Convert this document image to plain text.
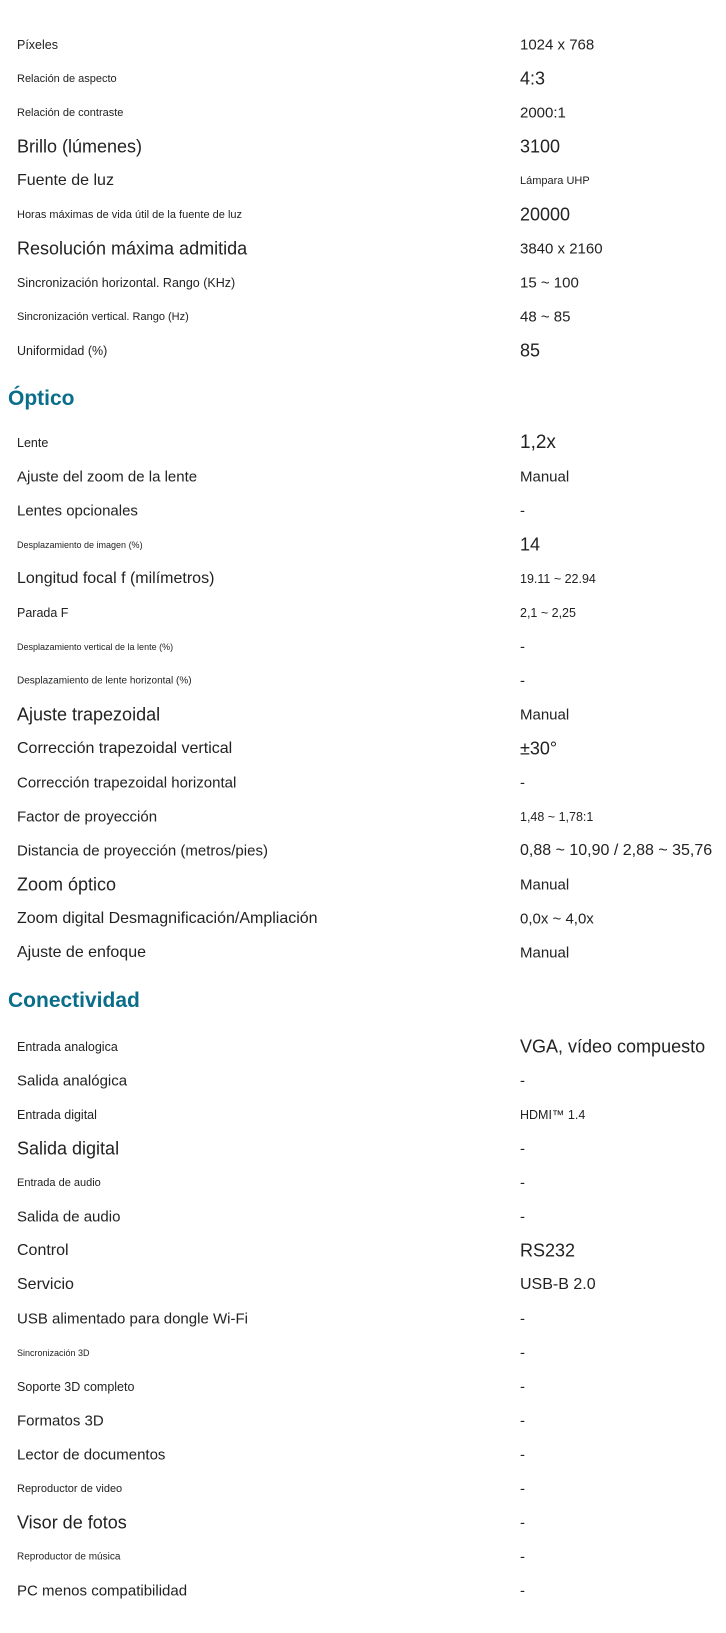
Píxeles	1024 x 768
Relación de aspecto	4:3
Relación de contraste	2000:1
Brillo (lúmenes)	3100
Fuente de luz	Lámpara UHP
Horas máximas de vida útil de la fuente de luz	20000
Resolución máxima admitida	3840 x 2160
Sincronización horizontal. Rango (KHz)	15 ~ 100
Sincronización vertical. Rango (Hz)	48 ~ 85
Uniformidad (%)	85
Óptico
Lente	1,2x
Ajuste del zoom de la lente	Manual
Lentes opcionales	-
Desplazamiento de imagen (%)	14
Longitud focal f (milímetros)	19.11 ~ 22.94
Parada F	2,1 ~ 2,25
Desplazamiento vertical de la lente (%)	-
Desplazamiento de lente horizontal (%)	-
Ajuste trapezoidal	Manual
Corrección trapezoidal vertical	±30°
Corrección trapezoidal horizontal	-
Factor de proyección	1,48 ~ 1,78:1
Distancia de proyección (metros/pies)	0,88 ~ 10,90 / 2,88 ~ 35,76
Zoom óptico	Manual
Zoom digital Desmagnificación/Ampliación	0,0x ~ 4,0x
Ajuste de enfoque	Manual
Conectividad
Entrada analogica	VGA, vídeo compuesto
Salida analógica	-
Entrada digital	HDMI™ 1.4
Salida digital	-
Entrada de audio	-
Salida de audio	-
Control	RS232
Servicio	USB-B 2.0
USB alimentado para dongle Wi-Fi	-
Sincronización 3D	-
Soporte 3D completo	-
Formatos 3D	-
Lector de documentos	-
Reproductor de video	-
Visor de fotos	-
Reproductor de música	-
PC menos compatibilidad	-
